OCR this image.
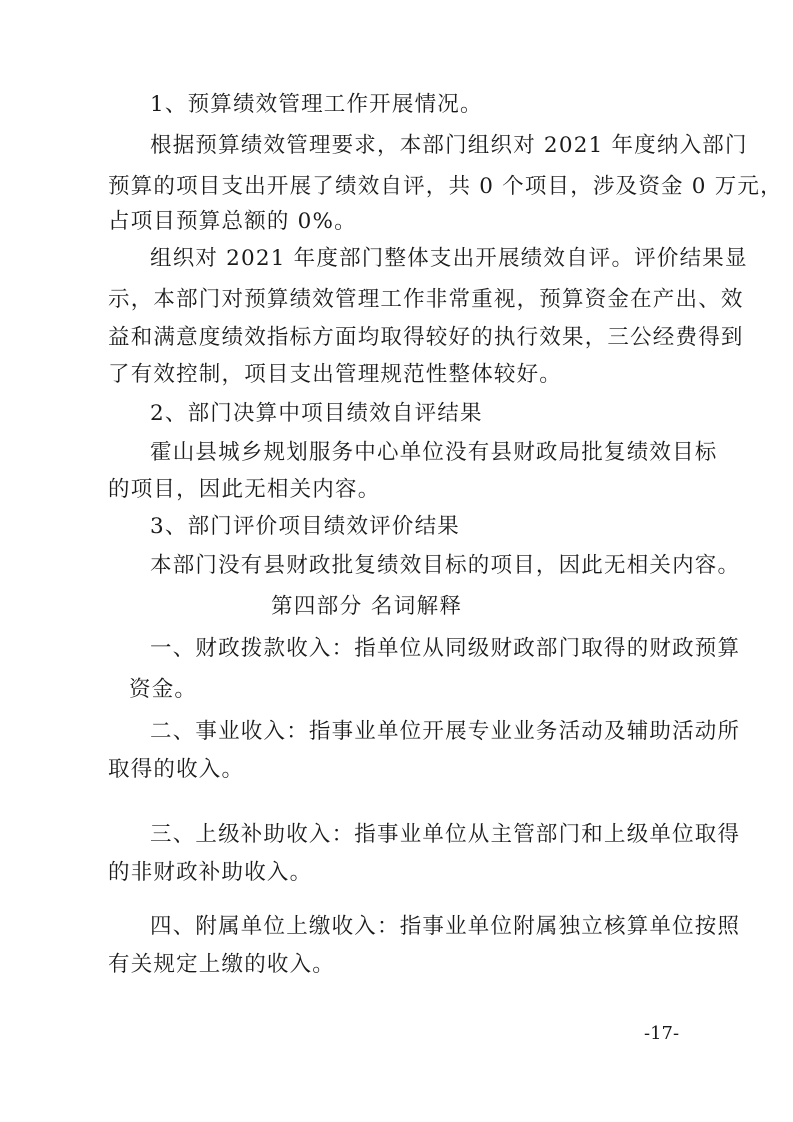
1、预算绩效管理工作开展情况。
根据预算绩效管理要求，本部门组织对 2021 年度纳入部门
预算的项目支出开展了绩效自评，共 0 个项目，涉及资金 0 万元，
占项目预算总额的 0%。
组织对 2021 年度部门整体支出开展绩效自评。评价结果显
示，本部门对预算绩效管理工作非常重视，预算资金在产出、效
益和满意度绩效指标方面均取得较好的执行效果，三公经费得到
了有效控制，项目支出管理规范性整体较好。
2、部门决算中项目绩效自评结果
霍山县城乡规划服务中心单位没有县财政局批复绩效目标
的项目，因此无相关内容。
3、部门评价项目绩效评价结果
本部门没有县财政批复绩效目标的项目，因此无相关内容。
第四部分 名词解释
一、财政拨款收入：指单位从同级财政部门取得的财政预算
资金。
二、事业收入：指事业单位开展专业业务活动及辅助活动所
取得的收入。
三、上级补助收入：指事业单位从主管部门和上级单位取得
的非财政补助收入。
四、附属单位上缴收入：指事业单位附属独立核算单位按照
有关规定上缴的收入。
-17-
